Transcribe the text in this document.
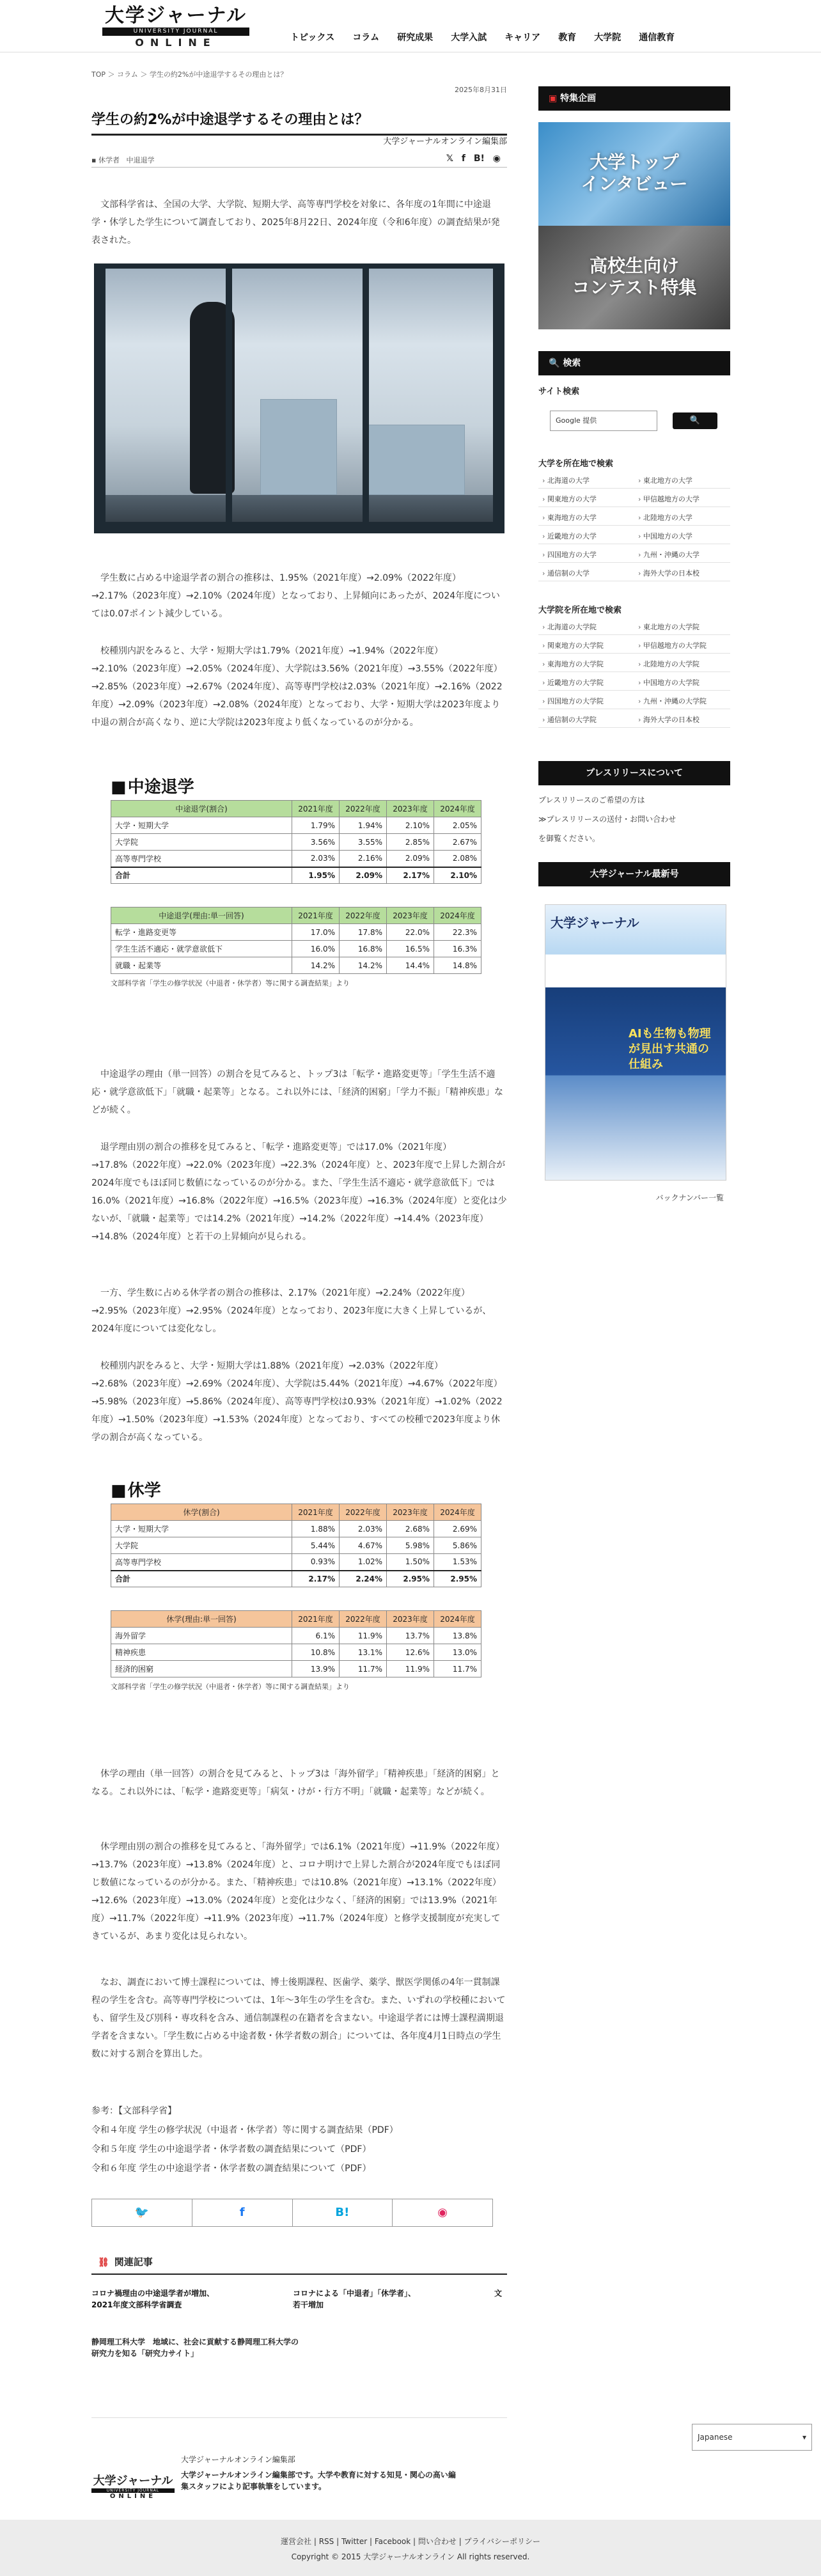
大学ジャーナル
UNIVERSITY JOURNAL
ONLINE	トピックス	コラム	研究成果	大学入試	キャリア	教育	大学院	通信教育
TOP ＞ コラム ＞ 学生の約2%が中途退学するその理由とは？
2025年8月31日
学生の約2%が中途退学するその理由とは？
大学ジャーナルオンライン編集部
▪ 休学者 中退退学	𝕏 f B! ◉

文部科学省は、全国の大学、大学院、短期大学、高等専門学校を対象に、各年度の1年間に中途退学・休学した学生について調査しており、2025年8月22日、2024年度（令和6年度）の調査結果が発表された。

学生数に占める中途退学者の割合の推移は、1.95%（2021年度）→2.09%（2022年度）→2.17%（2023年度）→2.10%（2024年度）となっており、上昇傾向にあったが、2024年度については0.07ポイント減少している。

校種別内訳をみると、大学・短期大学は1.79%（2021年度）→1.94%（2022年度）→2.10%（2023年度）→2.05%（2024年度）、大学院は3.56%（2021年度）→3.55%（2022年度）→2.85%（2023年度）→2.67%（2024年度）、高等専門学校は2.03%（2021年度）→2.16%（2022年度）→2.09%（2023年度）→2.08%（2024年度）となっており、大学・短期大学は2023年度より中退の割合が高くなり、逆に大学院は2023年度より低くなっているのが分かる。

■ 中途退学
中途退学(割合)	2021年度	2022年度	2023年度	2024年度
大学・短期大学	1.79%	1.94%	2.10%	2.05%
大学院	3.56%	3.55%	2.85%	2.67%
高等専門学校	2.03%	2.16%	2.09%	2.08%
合計	1.95%	2.09%	2.17%	2.10%
中途退学(理由:単一回答)	2021年度	2022年度	2023年度	2024年度
転学・進路変更等	17.0%	17.8%	22.0%	22.3%
学生生活不適応・就学意欲低下	16.0%	16.8%	16.5%	16.3%
就職・起業等	14.2%	14.2%	14.4%	14.8%
文部科学省「学生の修学状況（中退者・休学者）等に関する調査結果」より

中途退学の理由（単一回答）の割合を見てみると、トップ3は「転学・進路変更等」「学生生活不適応・就学意欲低下」「就職・起業等」となる。これ以外には、「経済的困窮」「学力不振」「精神疾患」などが続く。

退学理由別の割合の推移を見てみると、「転学・進路変更等」では17.0%（2021年度）→17.8%（2022年度）→22.0%（2023年度）→22.3%（2024年度）と、2023年度で上昇した割合が2024年度でもほぼ同じ数値になっているのが分かる。また、「学生生活不適応・就学意欲低下」では16.0%（2021年度）→16.8%（2022年度）→16.5%（2023年度）→16.3%（2024年度）と変化は少ないが、「就職・起業等」では14.2%（2021年度）→14.2%（2022年度）→14.4%（2023年度）→14.8%（2024年度）と若干の上昇傾向が見られる。

一方、学生数に占める休学者の割合の推移は、2.17%（2021年度）→2.24%（2022年度）→2.95%（2023年度）→2.95%（2024年度）となっており、2023年度に大きく上昇しているが、2024年度については変化なし。

校種別内訳をみると、大学・短期大学は1.88%（2021年度）→2.03%（2022年度）→2.68%（2023年度）→2.69%（2024年度）、大学院は5.44%（2021年度）→4.67%（2022年度）→5.98%（2023年度）→5.86%（2024年度）、高等専門学校は0.93%（2021年度）→1.02%（2022年度）→1.50%（2023年度）→1.53%（2024年度）となっており、すべての校種で2023年度より休学の割合が高くなっている。

■ 休学
休学(割合)	2021年度	2022年度	2023年度	2024年度
大学・短期大学	1.88%	2.03%	2.68%	2.69%
大学院	5.44%	4.67%	5.98%	5.86%
高等専門学校	0.93%	1.02%	1.50%	1.53%
合計	2.17%	2.24%	2.95%	2.95%
休学(理由:単一回答)	2021年度	2022年度	2023年度	2024年度
海外留学	6.1%	11.9%	13.7%	13.8%
精神疾患	10.8%	13.1%	12.6%	13.0%
経済的困窮	13.9%	11.7%	11.9%	11.7%
文部科学省「学生の修学状況（中退者・休学者）等に関する調査結果」より

休学の理由（単一回答）の割合を見てみると、トップ3は「海外留学」「精神疾患」「経済的困窮」となる。これ以外には、「転学・進路変更等」「病気・けが・行方不明」「就職・起業等」などが続く。

休学理由別の割合の推移を見てみると、「海外留学」では6.1%（2021年度）→11.9%（2022年度）→13.7%（2023年度）→13.8%（2024年度）と、コロナ明けで上昇した割合が2024年度でもほぼ同じ数値になっているのが分かる。また、「精神疾患」では10.8%（2021年度）→13.1%（2022年度）→12.6%（2023年度）→13.0%（2024年度）と変化は少なく、「経済的困窮」では13.9%（2021年度）→11.7%（2022年度）→11.9%（2023年度）→11.7%（2024年度）と修学支援制度が充実してきているが、あまり変化は見られない。

なお、調査において博士課程については、博士後期課程、医歯学、薬学、獣医学関係の4年一貫制課程の学生を含む。高等専門学校については、1年〜3年生の学生を含む。また、いずれの学校種においても、留学生及び別科・専攻科を含み、通信制課程の在籍者を含まない。中途退学者には博士課程満期退学者を含まない。「学生数に占める中途者数・休学者数の割合」については、各年度4月1日時点の学生数に対する割合を算出した。

参考：【文部科学省】
令和４年度 学生の修学状況（中退者・休学者）等に関する調査結果（PDF）
令和５年度 学生の中途退学者・休学者数の調査結果について（PDF）
令和６年度 学生の中途退学者・休学者数の調査結果について（PDF）
🐦	f	B!	◉
⛓ 関連記事
コロナ禍理由の中途退学者が増加、2021年度文部科学省調査
コロナによる「中退者」「休学者」、若干増加
文
静岡理工科大学　地域に、社会に貢献する静岡理工科大学の研究力を知る「研究力サイト」
大学ジャーナル
UNIVERSITY JOURNAL
ONLINE
大学ジャーナルオンライン編集部
大学ジャーナルオンライン編集部です。大学や教育に対する知見・関心の高い編集スタッフにより記事執筆をしています。
▣ 特集企画
大学トップ
インタビュー
高校生向け
コンテスト特集
🔍 検索
サイト検索
Google 提供	🔍
大学を所在地で検索
› 北海道の大学	› 東北地方の大学
› 関東地方の大学	› 甲信越地方の大学
› 東海地方の大学	› 北陸地方の大学
› 近畿地方の大学	› 中国地方の大学
› 四国地方の大学	› 九州・沖縄の大学
› 通信制の大学	› 海外大学の日本校
大学院を所在地で検索
› 北海道の大学院	› 東北地方の大学院
› 関東地方の大学院	› 甲信越地方の大学院
› 東海地方の大学院	› 北陸地方の大学院
› 近畿地方の大学院	› 中国地方の大学院
› 四国地方の大学院	› 九州・沖縄の大学院
› 通信制の大学院	› 海外大学の日本校
プレスリリースについて
プレスリリースのご希望の方は
≫プレスリリースの送付・お問い合わせ
を御覧ください。
大学ジャーナル最新号
大学ジャーナル
AIも生物も物理が見出す共通の仕組み
バックナンバー一覧
Japanese	▾
運営会社 | RSS | Twitter | Facebook | 問い合わせ | プライバシーポリシー
Copyright © 2015 大学ジャーナルオンライン All rights reserved.
